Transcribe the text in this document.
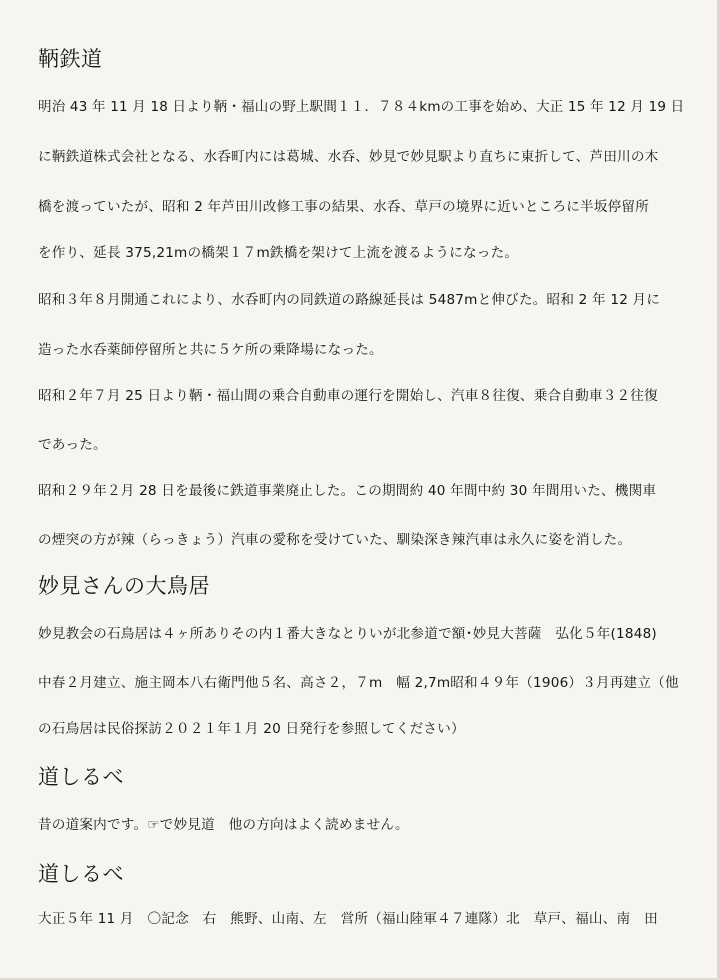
鞆鉄道

明治 43 年 11 月 18 日より鞆・福山の野上駅間１１．７８４kmの工事を始め、大正 15 年 12 月 19 日

に鞆鉄道株式会社となる、水呑町内には葛城、水呑、妙見で妙見駅より直ちに東折して、芦田川の木

橋を渡っていたが、昭和 2 年芦田川改修工事の結果、水呑、草戸の境界に近いところに半坂停留所

を作り、延長 375,21mの橋架１７m鉄橋を架けて上流を渡るようになった。

昭和３年８月開通これにより、水呑町内の同鉄道の路線延長は 5487mと伸びた。昭和 2 年 12 月に

造った水呑薬師停留所と共に５ケ所の乗降場になった。

昭和２年７月 25 日より鞆・福山間の乗合自動車の運行を開始し、汽車８往復、乗合自動車３２往復

であった。

昭和２９年２月 28 日を最後に鉄道事業廃止した。この期間約 40 年間中約 30 年間用いた、機関車

の煙突の方が辣（らっきょう）汽車の愛称を受けていた、馴染深き辣汽車は永久に姿を消した。

妙見さんの大鳥居

妙見教会の石鳥居は４ヶ所ありその内１番大きなとりいが北参道で額･妙見大菩薩　弘化５年(1848)

中春２月建立、施主岡本八右衛門他５名、高さ２，７m　幅 2,7m昭和４９年（1906）３月再建立（他

の石鳥居は民俗探訪２０２１年１月 20 日発行を参照してください）

道しるべ

昔の道案内です。☞で妙見道　他の方向はよく読めません。

道しるべ

大正５年 11 月　〇記念　右　熊野、山南、左　営所（福山陸軍４７連隊）北　草戸、福山、南　田
